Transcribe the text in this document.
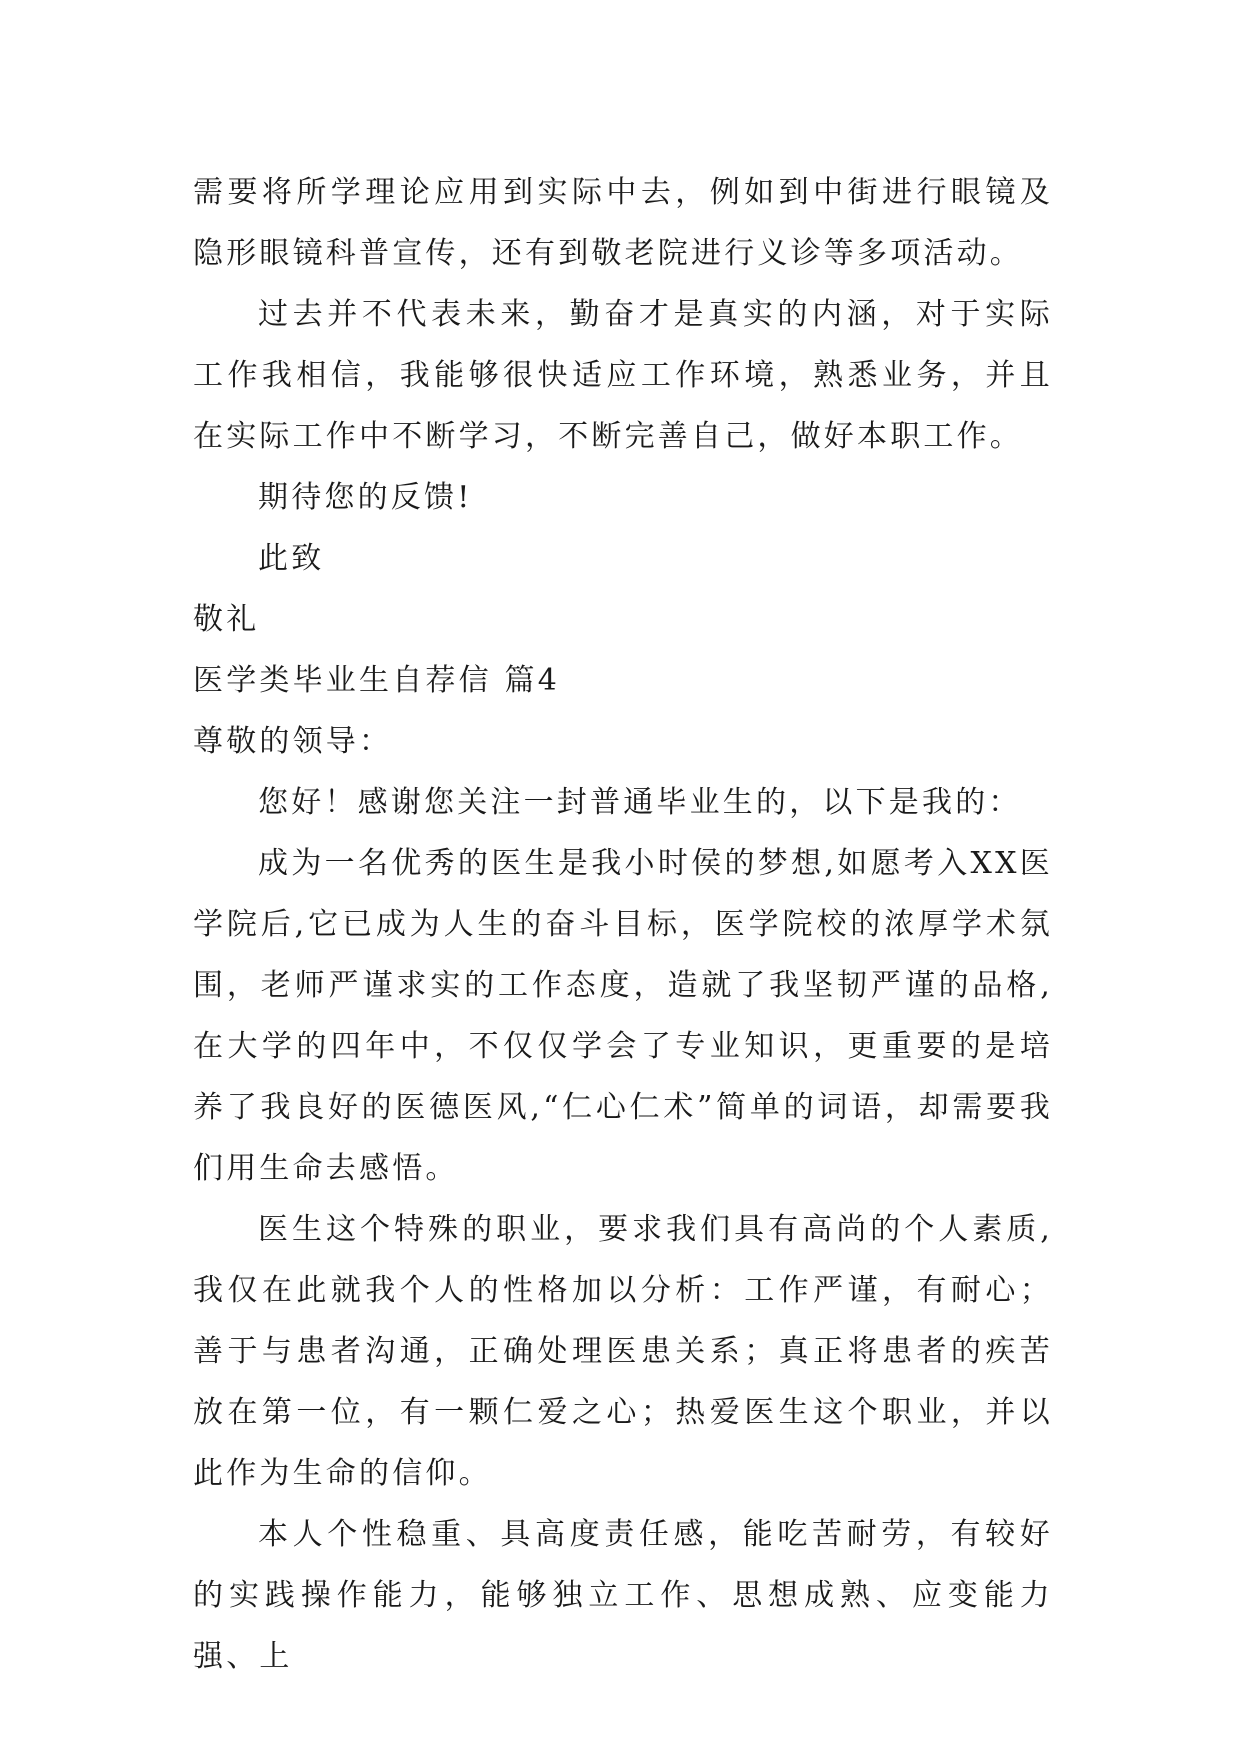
需要将所学理论应用到实际中去，例如到中街进行眼镜及隐形眼镜科普宣传，还有到敬老院进行义诊等多项活动。

过去并不代表未来，勤奋才是真实的内涵，对于实际工作我相信，我能够很快适应工作环境，熟悉业务，并且在实际工作中不断学习，不断完善自己，做好本职工作。

期待您的反馈!

此致

敬礼

医学类毕业生自荐信 篇4

尊敬的领导：

您好！感谢您关注一封普通毕业生的，以下是我的：

成为一名优秀的医生是我小时侯的梦想,如愿考入XX医学院后,它已成为人生的奋斗目标，医学院校的浓厚学术氛围，老师严谨求实的工作态度，造就了我坚韧严谨的品格,在大学的四年中，不仅仅学会了专业知识，更重要的是培养了我良好的医德医风,“仁心仁术”简单的词语，却需要我们用生命去感悟。

医生这个特殊的职业，要求我们具有高尚的个人素质,我仅在此就我个人的性格加以分析：工作严谨，有耐心；善于与患者沟通，正确处理医患关系；真正将患者的疾苦放在第一位，有一颗仁爱之心；热爱医生这个职业，并以此作为生命的信仰。

本人个性稳重、具高度责任感，能吃苦耐劳，有较好的实践操作能力，能够独立工作、思想成熟、应变能力强、上
